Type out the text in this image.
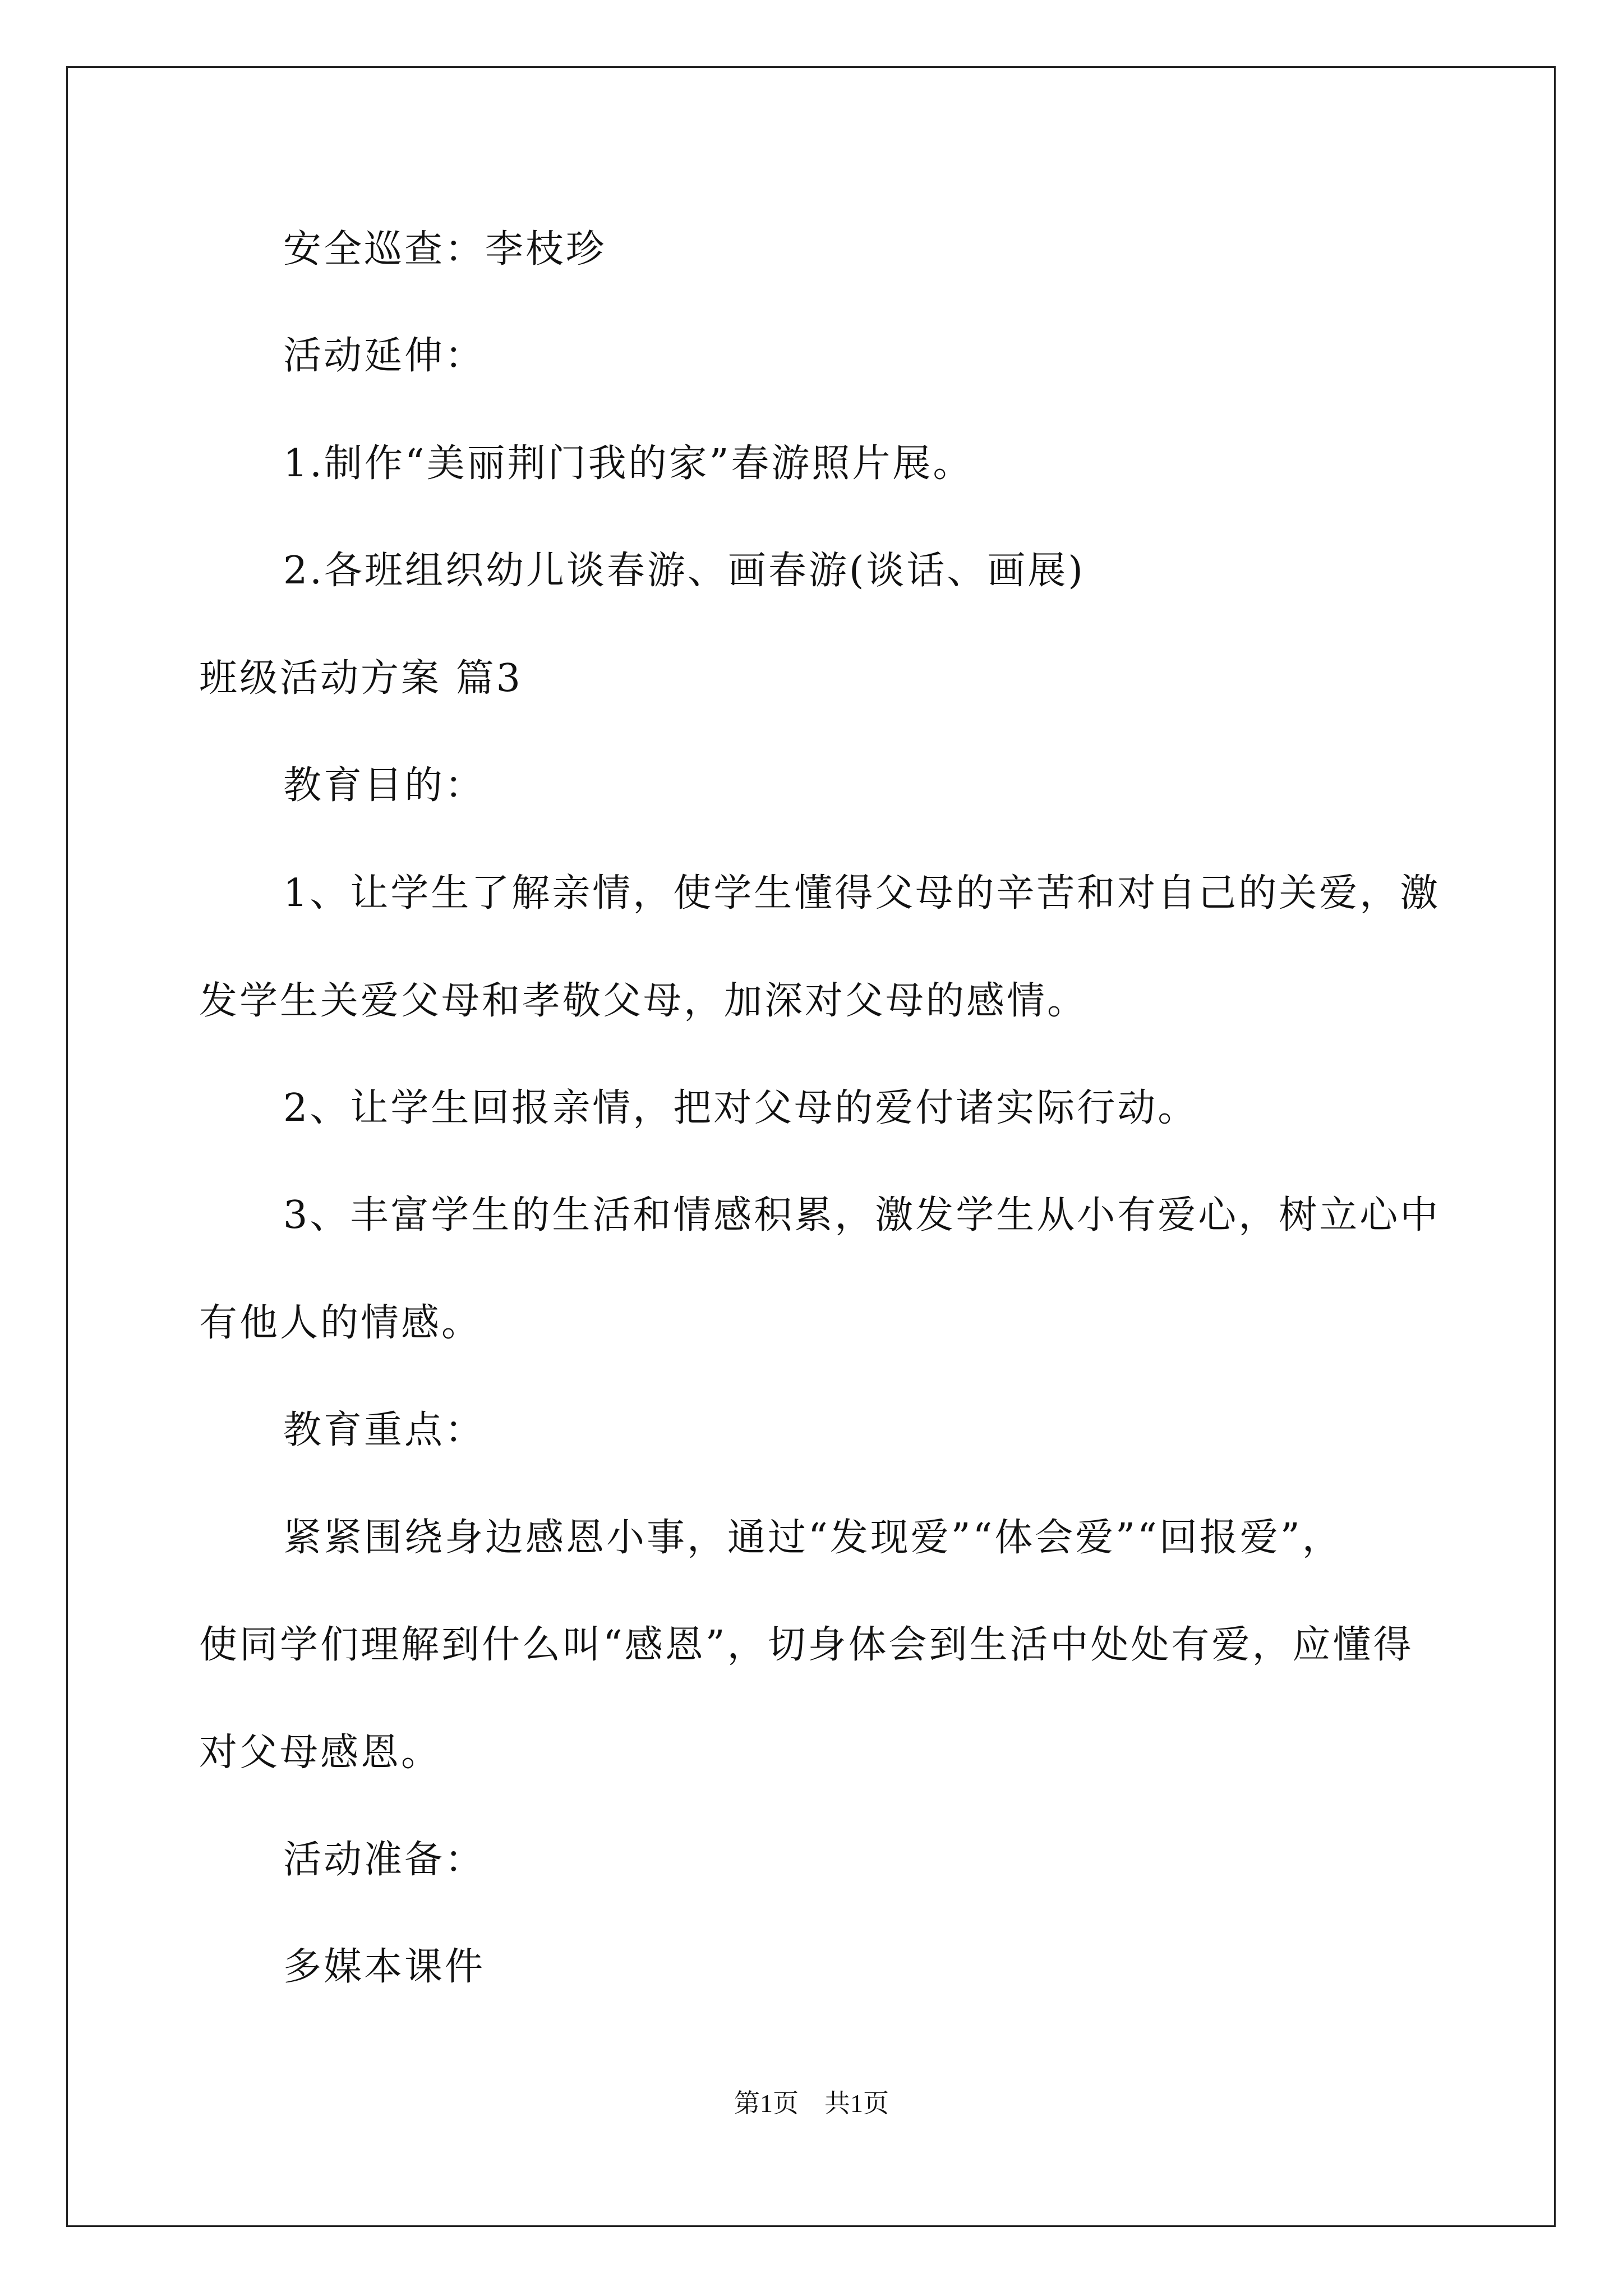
安全巡查：李枝珍
活动延伸：
1.制作“美丽荆门我的家”春游照片展。
2.各班组织幼儿谈春游、画春游(谈话、画展)
班级活动方案 篇3
教育目的：
1、让学生了解亲情，使学生懂得父母的辛苦和对自己的关爱，激
发学生关爱父母和孝敬父母，加深对父母的感情。
2、让学生回报亲情，把对父母的爱付诸实际行动。
3、丰富学生的生活和情感积累，激发学生从小有爱心，树立心中
有他人的情感。
教育重点：
紧紧围绕身边感恩小事，通过“发现爱”“体会爱”“回报爱”，
使同学们理解到什么叫“感恩”，切身体会到生活中处处有爱，应懂得
对父母感恩。
活动准备：
多媒本课件
第1页　共1页
